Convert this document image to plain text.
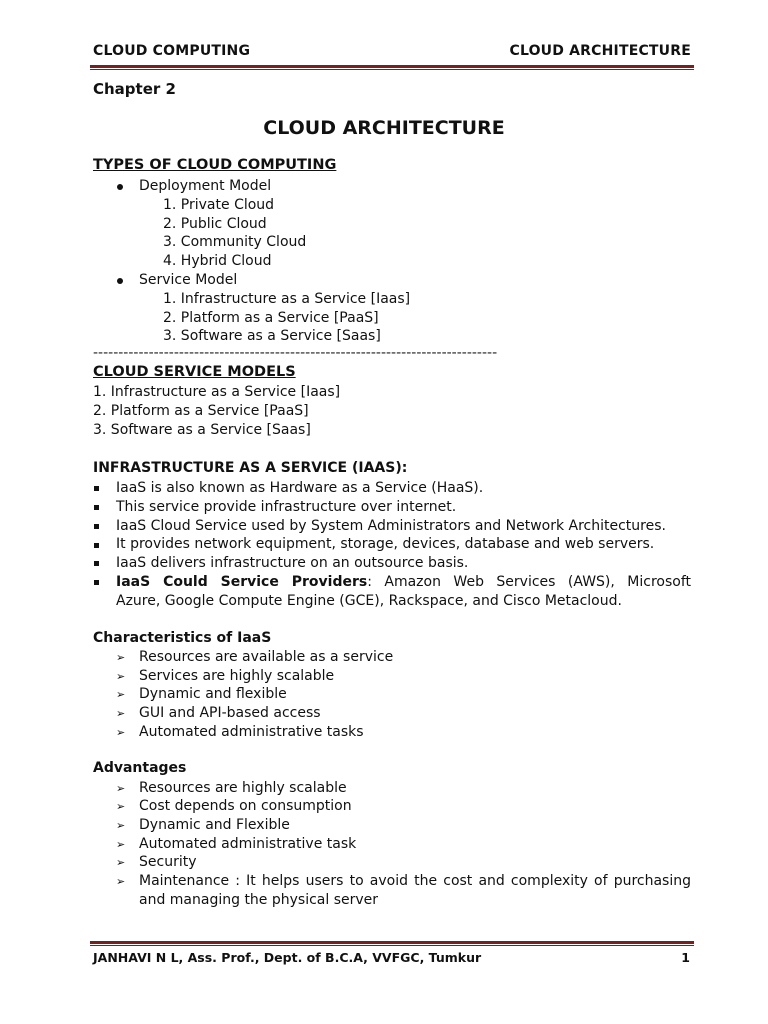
CLOUD COMPUTING	CLOUD ARCHITECTURE
Chapter 2
CLOUD ARCHITECTURE
TYPES OF CLOUD COMPUTING
Deployment Model
1. Private Cloud
2. Public Cloud
3. Community Cloud
4. Hybrid Cloud
Service Model
1. Infrastructure as a Service [Iaas]
2. Platform as a Service [PaaS]
3. Software as a Service [Saas]
--------------------------------------------------------------------------------
CLOUD SERVICE MODELS
1. Infrastructure as a Service [Iaas]
2. Platform as a Service [PaaS]
3. Software as a Service [Saas]
INFRASTRUCTURE AS A SERVICE (IAAS):
IaaS is also known as Hardware as a Service (HaaS).
This service provide infrastructure over internet.
IaaS Cloud Service used by System Administrators and Network Architectures.
It provides network equipment, storage, devices, database and web servers.
IaaS delivers infrastructure on an outsource basis.
IaaS Could Service Providers: Amazon Web Services (AWS), Microsoft
Azure, Google Compute Engine (GCE), Rackspace, and Cisco Metacloud.
Characteristics of IaaS
➢ Resources are available as a service
➢ Services are highly scalable
➢ Dynamic and flexible
➢ GUI and API-based access
➢ Automated administrative tasks
Advantages
➢ Resources are highly scalable
➢ Cost depends on consumption
➢ Dynamic and Flexible
➢ Automated administrative task
➢ Security
➢ Maintenance : It helps users to avoid the cost and complexity of purchasing
and managing the physical server
JANHAVI N L, Ass. Prof., Dept. of B.C.A, VVFGC, Tumkur	1
